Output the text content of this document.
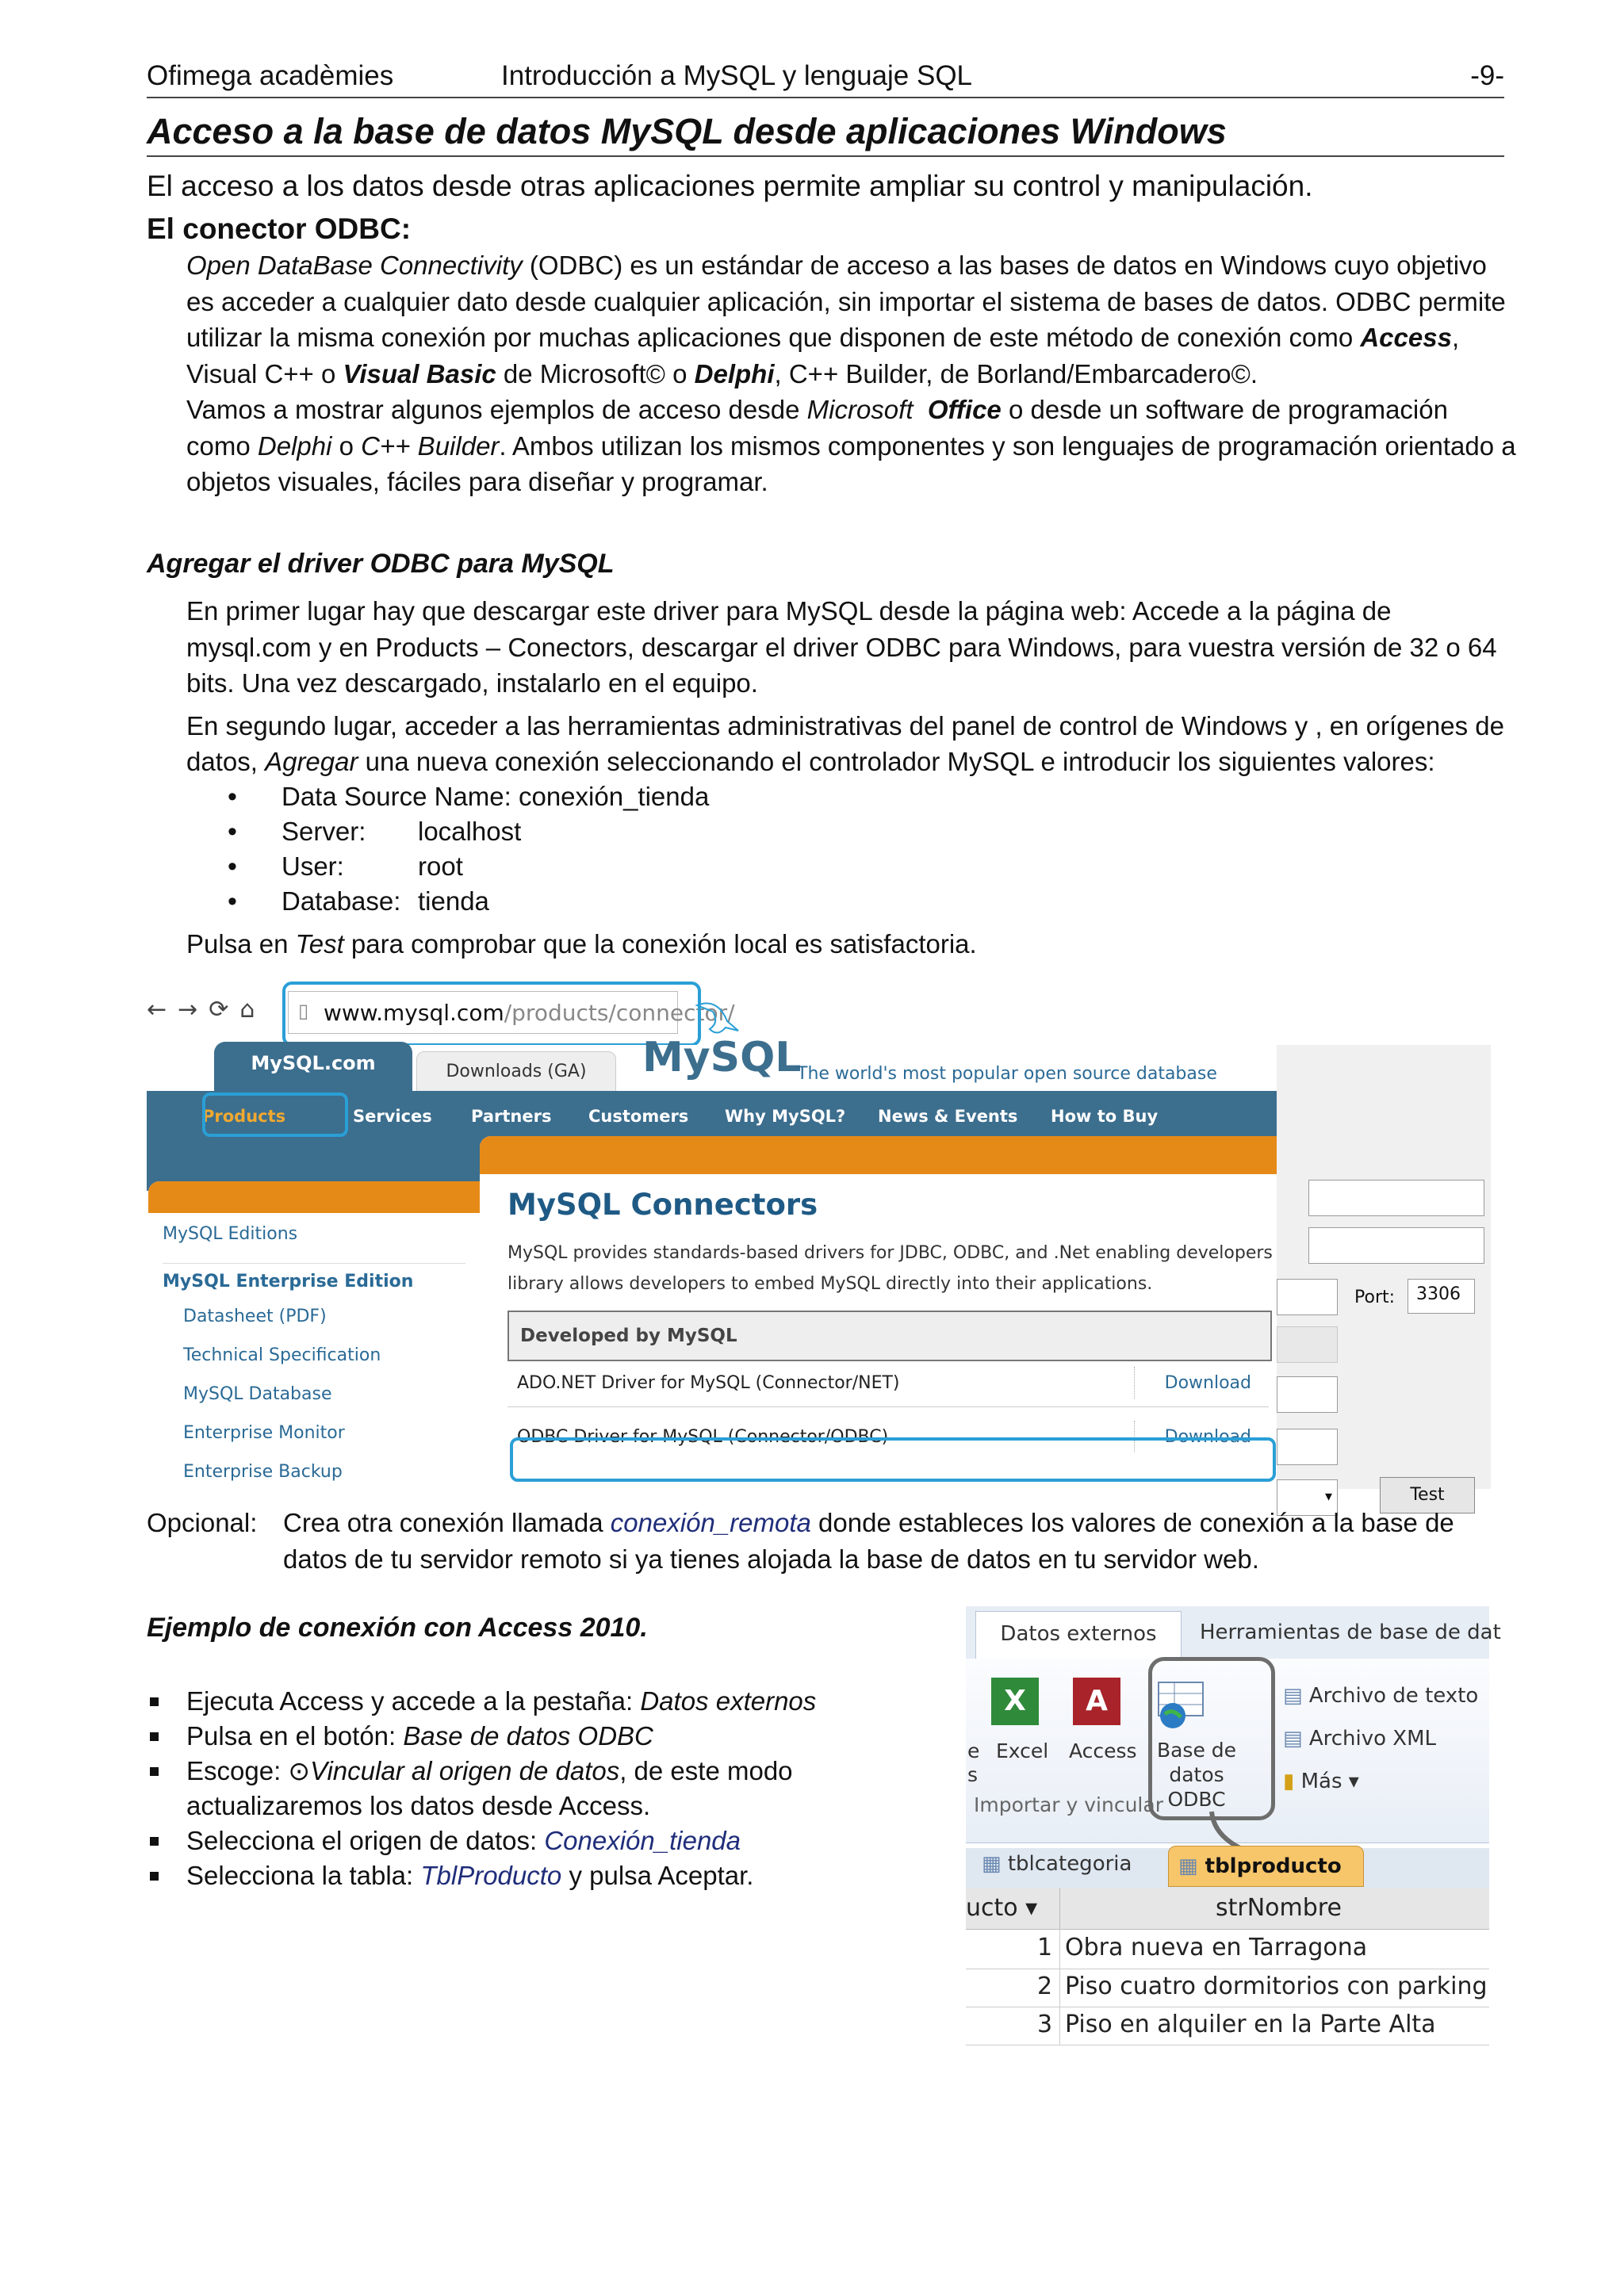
Ofimega acadèmies	Introducción a MySQL y lenguaje SQL	-9-
Acceso a la base de datos MySQL desde aplicaciones Windows
El acceso a los datos desde otras aplicaciones permite ampliar su control y manipulación.
El conector ODBC:

Open DataBase Connectivity (ODBC) es un estándar de acceso a las bases de datos en Windows cuyo objetivo es acceder a cualquier dato desde cualquier aplicación, sin importar el sistema de bases de datos. ODBC permite utilizar la misma conexión por muchas aplicaciones que disponen de este método de conexión como Access, Visual C++ o Visual Basic de Microsoft© o Delphi, C++ Builder, de Borland/Embarcadero©.

Vamos a mostrar algunos ejemplos de acceso desde Microsoft Office o desde un software de programación como Delphi o C++ Builder. Ambos utilizan los mismos componentes y son lenguajes de programación orientado a objetos visuales, fáciles para diseñar y programar.

Agregar el driver ODBC para MySQL

En primer lugar hay que descargar este driver para MySQL desde la página web: Accede a la página de mysql.com y en Products – Conectors, descargar el driver ODBC para Windows, para vuestra versión de 32 o 64 bits. Una vez descargado, instalarlo en el equipo.

En segundo lugar, acceder a las herramientas administrativas del panel de control de Windows y , en orígenes de datos, Agregar una nueva conexión seleccionando el controlador MySQL e introducir los siguientes valores:

• Data Source Name: conexión_tienda
• Server: localhost
• User:	root
• Database: tienda
Pulsa en Test para comprobar que la conexión local es satisfactoria.
←→⟳⌂ ▯ www.mysql.com/products/connector/
MySQL.com	Downloads (GA)	MySQL
The world's most popular open source database
Products	Services Partners Customers Why MySQL? News & Events How to Buy
MySQL Editions
MySQL Enterprise Edition
Datasheet (PDF)
Technical Specification
MySQL Database
Enterprise Monitor
Enterprise Backup
MySQL Connectors
MySQL provides standards-based drivers for JDBC, ODBC, and .Net enabling developers
library allows developers to embed MySQL directly into their applications.
Developed by MySQL
ADO.NET Driver for MySQL (Connector/NET)	Download
ODBC Driver for MySQL (Connector/ODBC)	Download
Port:	3306
▾	Test
Opcional: Crea otra conexión llamada conexión_remota donde estableces los valores de conexión a la base de datos de tu servidor remoto si ya tienes alojada la base de datos en tu servidor web.
Ejemplo de conexión con Access 2010.
Ejecuta Access y accede a la pestaña: Datos externos
Pulsa en el botón: Base de datos ODBC
Escoge: ⊙Vincular al origen de datos, de este modo actualizaremos los datos desde Access.
Selecciona el origen de datos: Conexión_tienda
Selecciona la tabla: TblProducto y pulsa Aceptar.
Datos externos	Herramientas de base de dat
e
s
X
Excel
A
Access Base de
datos ODBC
▤ Archivo de texto
▤ Archivo XML
▮ Más ▾
Importar y vincular
▦ tblcategoria	▦ tblproducto
ucto ▾	strNombre
1 Obra nueva en Tarragona
2 Piso cuatro dormitorios con parking
3 Piso en alquiler en la Parte Alta
